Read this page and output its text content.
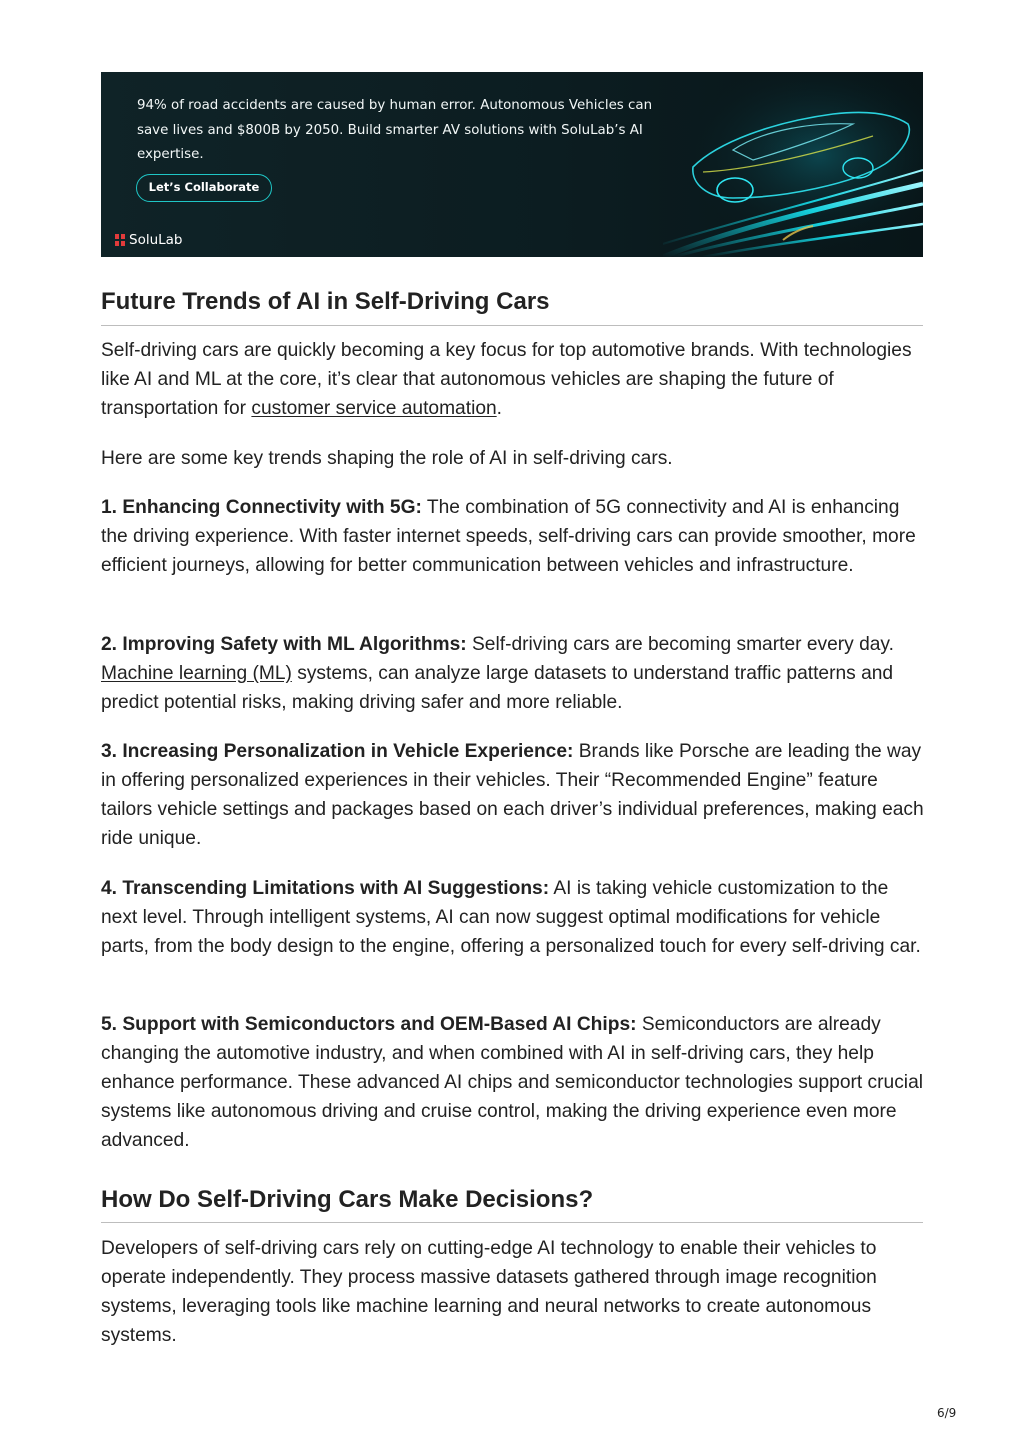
94% of road accidents are caused by human error. Autonomous Vehicles can save lives and $800B by 2050. Build smarter AV solutions with SoluLab’s AI expertise.
Let’s Collaborate
SoluLab
Future Trends of AI in Self-Driving Cars

Self-driving cars are quickly becoming a key focus for top automotive brands. With technologies like AI and ML at the core, it’s clear that autonomous vehicles are shaping the future of transportation for customer service automation.

Here are some key trends shaping the role of AI in self-driving cars.

1. Enhancing Connectivity with 5G: The combination of 5G connectivity and AI is enhancing the driving experience. With faster internet speeds, self-driving cars can provide smoother, more efficient journeys, allowing for better communication between vehicles and infrastructure.

2. Improving Safety with ML Algorithms: Self-driving cars are becoming smarter every day. Machine learning (ML) systems, can analyze large datasets to understand traffic patterns and predict potential risks, making driving safer and more reliable.

3. Increasing Personalization in Vehicle Experience: Brands like Porsche are leading the way in offering personalized experiences in their vehicles. Their “Recommended Engine” feature tailors vehicle settings and packages based on each driver’s individual preferences, making each ride unique.

4. Transcending Limitations with AI Suggestions: AI is taking vehicle customization to the next level. Through intelligent systems, AI can now suggest optimal modifications for vehicle parts, from the body design to the engine, offering a personalized touch for every self-driving car.

5. Support with Semiconductors and OEM-Based AI Chips: Semiconductors are already changing the automotive industry, and when combined with AI in self-driving cars, they help enhance performance. These advanced AI chips and semiconductor technologies support crucial systems like autonomous driving and cruise control, making the driving experience even more advanced.

How Do Self-Driving Cars Make Decisions?

Developers of self-driving cars rely on cutting-edge AI technology to enable their vehicles to operate independently. They process massive datasets gathered through image recognition systems, leveraging tools like machine learning and neural networks to create autonomous systems.

6/9
